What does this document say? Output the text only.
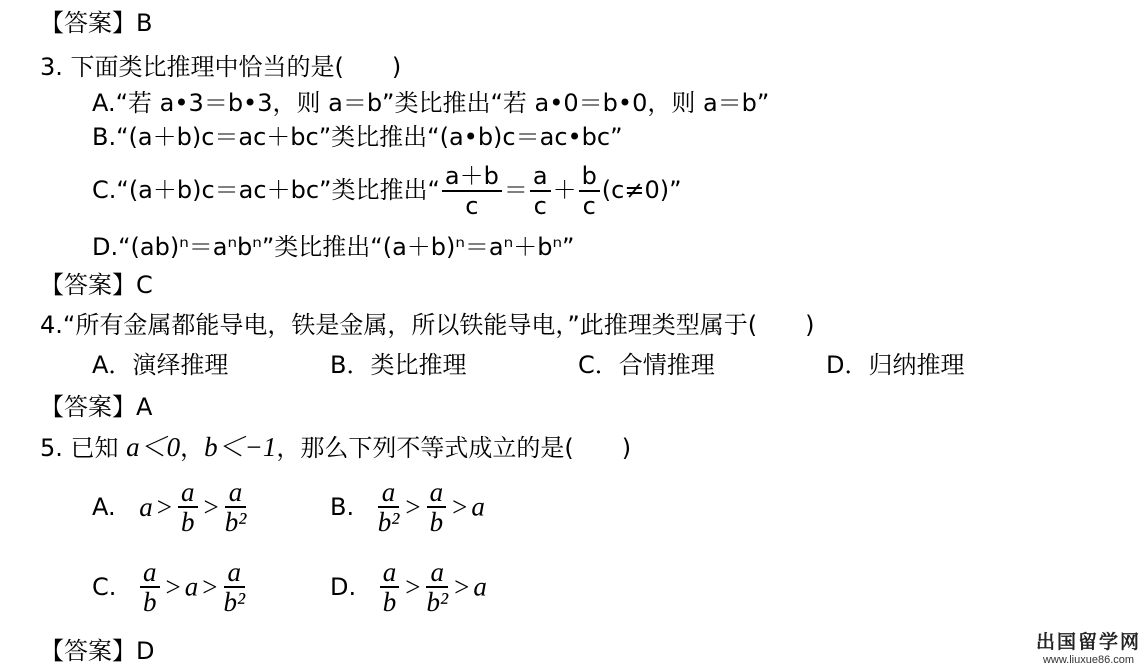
【答案】B
3. 下面类比推理中恰当的是(　　)
A.“若 a•3＝b•3，则 a＝b”类比推出“若 a•0＝b•0，则 a＝b”
B.“(a＋b)c＝ac＋bc”类比推出“(a•b)c＝ac•bc”
C.“(a＋b)c＝ac＋bc”类比推出“ $\frac{a+b}{c} = \frac{a}{c} + \frac{b}{c} (c\ne 0)$”
D.“(ab)ⁿ＝aⁿbⁿ”类比推出“(a＋b)ⁿ＝aⁿ＋bⁿ”
【答案】C
4.“所有金属都能导电，铁是金属，所以铁能导电，”此推理类型属于(　　)
A．演绎推理	B．类比推理	C．合情推理	D．归纳推理
【答案】A
5. 已知 a＜0，b＜−1，那么下列不等式成立的是(　　)
A. $a > \frac{a}{b} > \frac{a}{\text{b²}}$	B. $\frac{a}{\text{b²}} > \frac{a}{b} > a$
C. $\frac{a}{b} > a > \frac{a}{\text{b²}}$	D. $\frac{a}{b} > \frac{a}{\text{b²}} > a$
【答案】D	出国留学网
www.liuxue86.com
